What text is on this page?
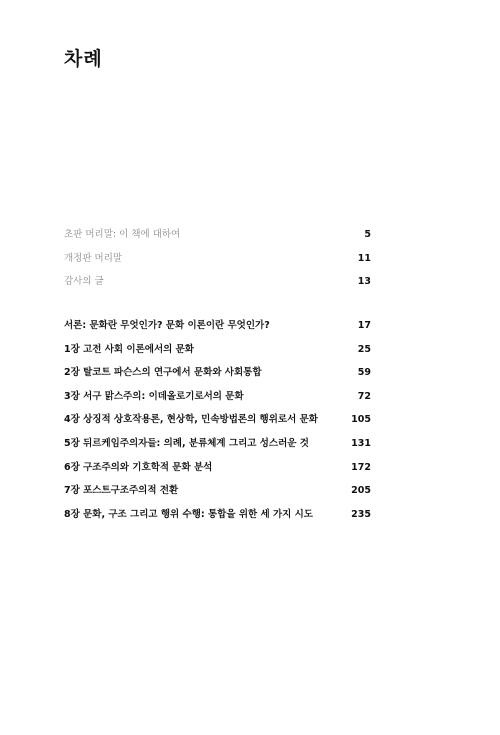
차례
초판 머리말: 이 책에 대하여	5
개정판 머리말	11
감사의 글	13
서론: 문화란 무엇인가? 문화 이론이란 무엇인가?	17
1장 고전 사회 이론에서의 문화	25
2장 탈코트 파슨스의 연구에서 문화와 사회통합	59
3장 서구 맑스주의: 이데올로기로서의 문화	72
4장 상징적 상호작용론, 현상학, 민속방법론의 행위로서 문화	105
5장 뒤르케임주의자들: 의례, 분류체계 그리고 성스러운 것	131
6장 구조주의와 기호학적 문화 분석	172
7장 포스트구조주의적 전환	205
8장 문화, 구조 그리고 행위 수행: 통합을 위한 세 가지 시도	235
